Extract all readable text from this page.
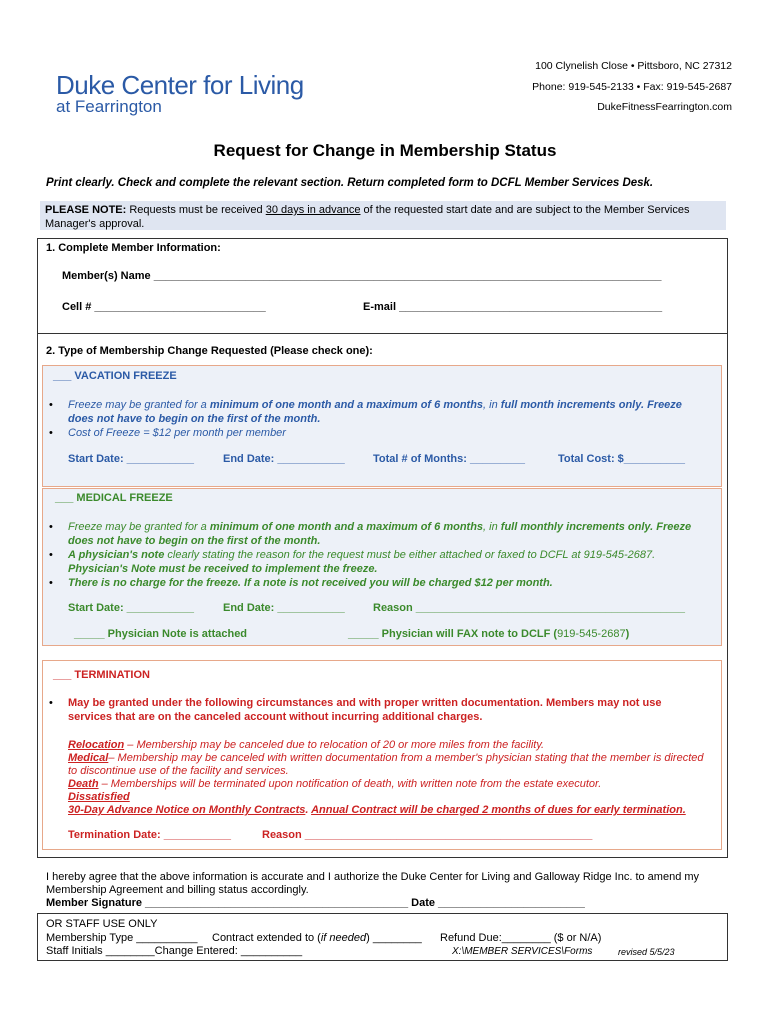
Duke Center for Living
at Fearrington
100 Clynelish Close • Pittsboro, NC 27312
Phone: 919-545-2133 • Fax: 919-545-2687
DukeFitnessFearrington.com
Request for Change in Membership Status
Print clearly. Check and complete the relevant section. Return completed form to DCFL Member Services Desk.
PLEASE NOTE: Requests must be received 30 days in advance of the requested start date and are subject to the Member Services Manager's approval.
1. Complete Member Information:
Member(s) Name ___________________________________________________________________________________
Cell # ____________________________	E-mail ___________________________________________
2. Type of Membership Change Requested (Please check one):
___ VACATION FREEZE
• Freeze may be granted for a minimum of one month and a maximum of 6 months, in full month increments only. Freeze
does not have to begin on the first of the month.
• Cost of Freeze = $12 per month per member
Start Date: ___________	End Date: ___________	Total # of Months: _________	Total Cost: $__________
___ MEDICAL FREEZE
• Freeze may be granted for a minimum of one month and a maximum of 6 months, in full monthly increments only. Freeze
does not have to begin on the first of the month.
• A physician's note clearly stating the reason for the request must be either attached or faxed to DCFL at 919-545-2687.
Physician's Note must be received to implement the freeze.
• There is no charge for the freeze. If a note is not received you will be charged $12 per month.
Start Date: ___________	End Date: ___________	Reason ____________________________________________
_____ Physician Note is attached	_____ Physician will FAX note to DCLF (919-545-2687)
___ TERMINATION
• May be granted under the following circumstances and with proper written documentation. Members may not use
services that are on the canceled account without incurring additional charges.
Relocation – Membership may be canceled due to relocation of 20 or more miles from the facility.
Medical– Membership may be canceled with written documentation from a member's physician stating that the member is directed
to discontinue use of the facility and services.
Death – Memberships will be terminated upon notification of death, with written note from the estate executor.
Dissatisfied
30-Day Advance Notice on Monthly Contracts. Annual Contract will be charged 2 months of dues for early termination.
Termination Date: ___________	Reason _______________________________________________
I hereby agree that the above information is accurate and I authorize the Duke Center for Living and Galloway Ridge Inc. to amend my
Membership Agreement and billing status accordingly.
Member Signature ___________________________________________ Date ________________________
OR STAFF USE ONLY
Membership Type __________ Contract extended to (if needed) ________ Refund Due:________ ($ or N/A)
Staff Initials ________Change Entered: __________	X:\MEMBER SERVICES\Forms	revised 5/5/23
